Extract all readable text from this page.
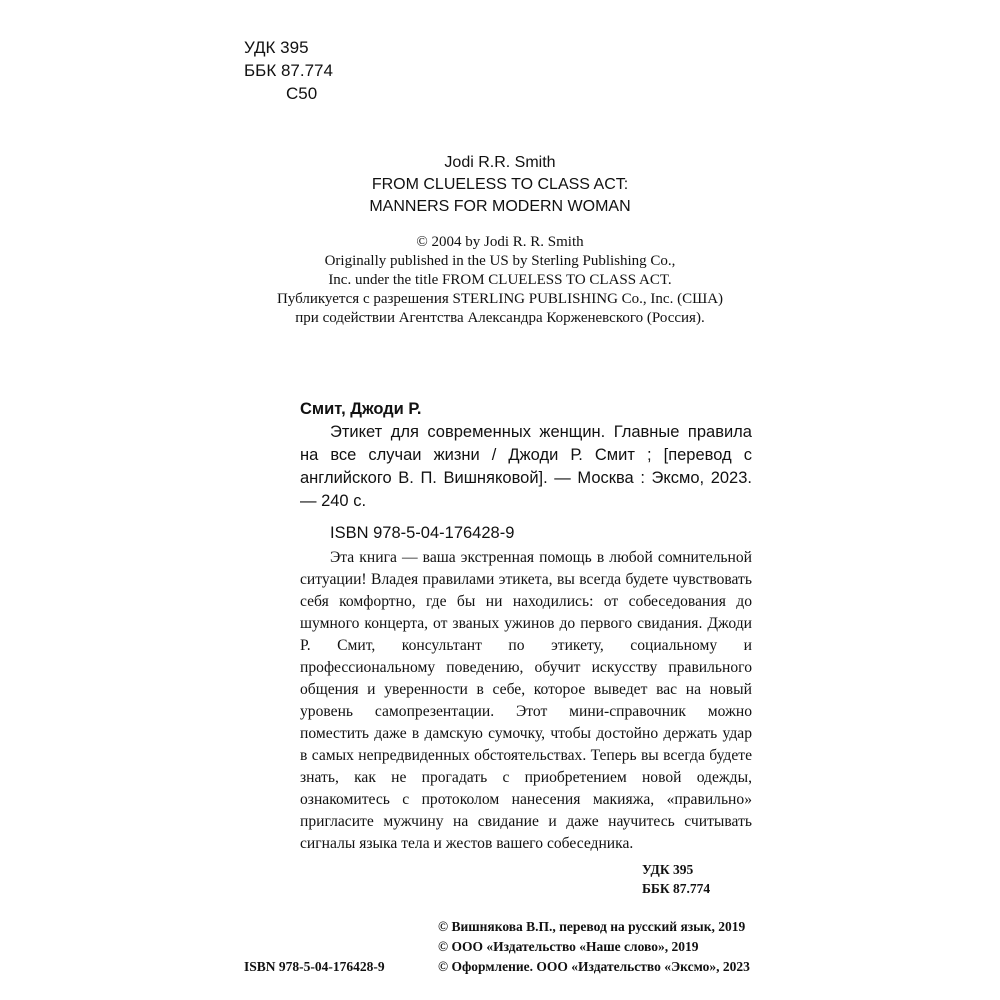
УДК 395
ББК 87.774
С50
Jodi R.R. Smith
FROM CLUELESS TO CLASS ACT:
MANNERS FOR MODERN WOMAN
© 2004 by Jodi R. R. Smith
Originally published in the US by Sterling Publishing Co.,
Inc. under the title FROM CLUELESS TO CLASS ACT.
Публикуется с разрешения STERLING PUBLISHING Co., Inc. (США)
при содействии Агентства Александра Корженевского (Россия).
Смит, Джоди Р.
Этикет для современных женщин. Главные правила на все случаи жизни / Джоди Р. Смит ; [перевод с английского В. П. Вишняковой]. — Москва : Эксмо, 2023. — 240 с.
ISBN 978-5-04-176428-9
Эта книга — ваша экстренная помощь в любой сомнительной ситуации! Владея правилами этикета, вы всегда будете чувствовать себя комфортно, где бы ни находились: от собеседования до шумного концерта, от званых ужинов до первого свидания. Джоди Р. Смит, консультант по этикету, социальному и профессиональному поведению, обучит искусству правильного общения и уверенности в себе, которое выведет вас на новый уровень самопрезентации. Этот мини-справочник можно поместить даже в дамскую сумочку, чтобы достойно держать удар в самых непредвиденных обстоятельствах. Теперь вы всегда будете знать, как не прогадать с приобретением новой одежды, ознакомитесь с протоколом нанесения макияжа, «правильно» пригласите мужчину на свидание и даже научитесь считывать сигналы языка тела и жестов вашего собеседника.
УДК 395
ББК 87.774
© Вишнякова В.П., перевод на русский язык, 2019
© ООО «Издательство «Наше слово», 2019
© Оформление. ООО «Издательство «Эксмо», 2023
ISBN 978-5-04-176428-9
